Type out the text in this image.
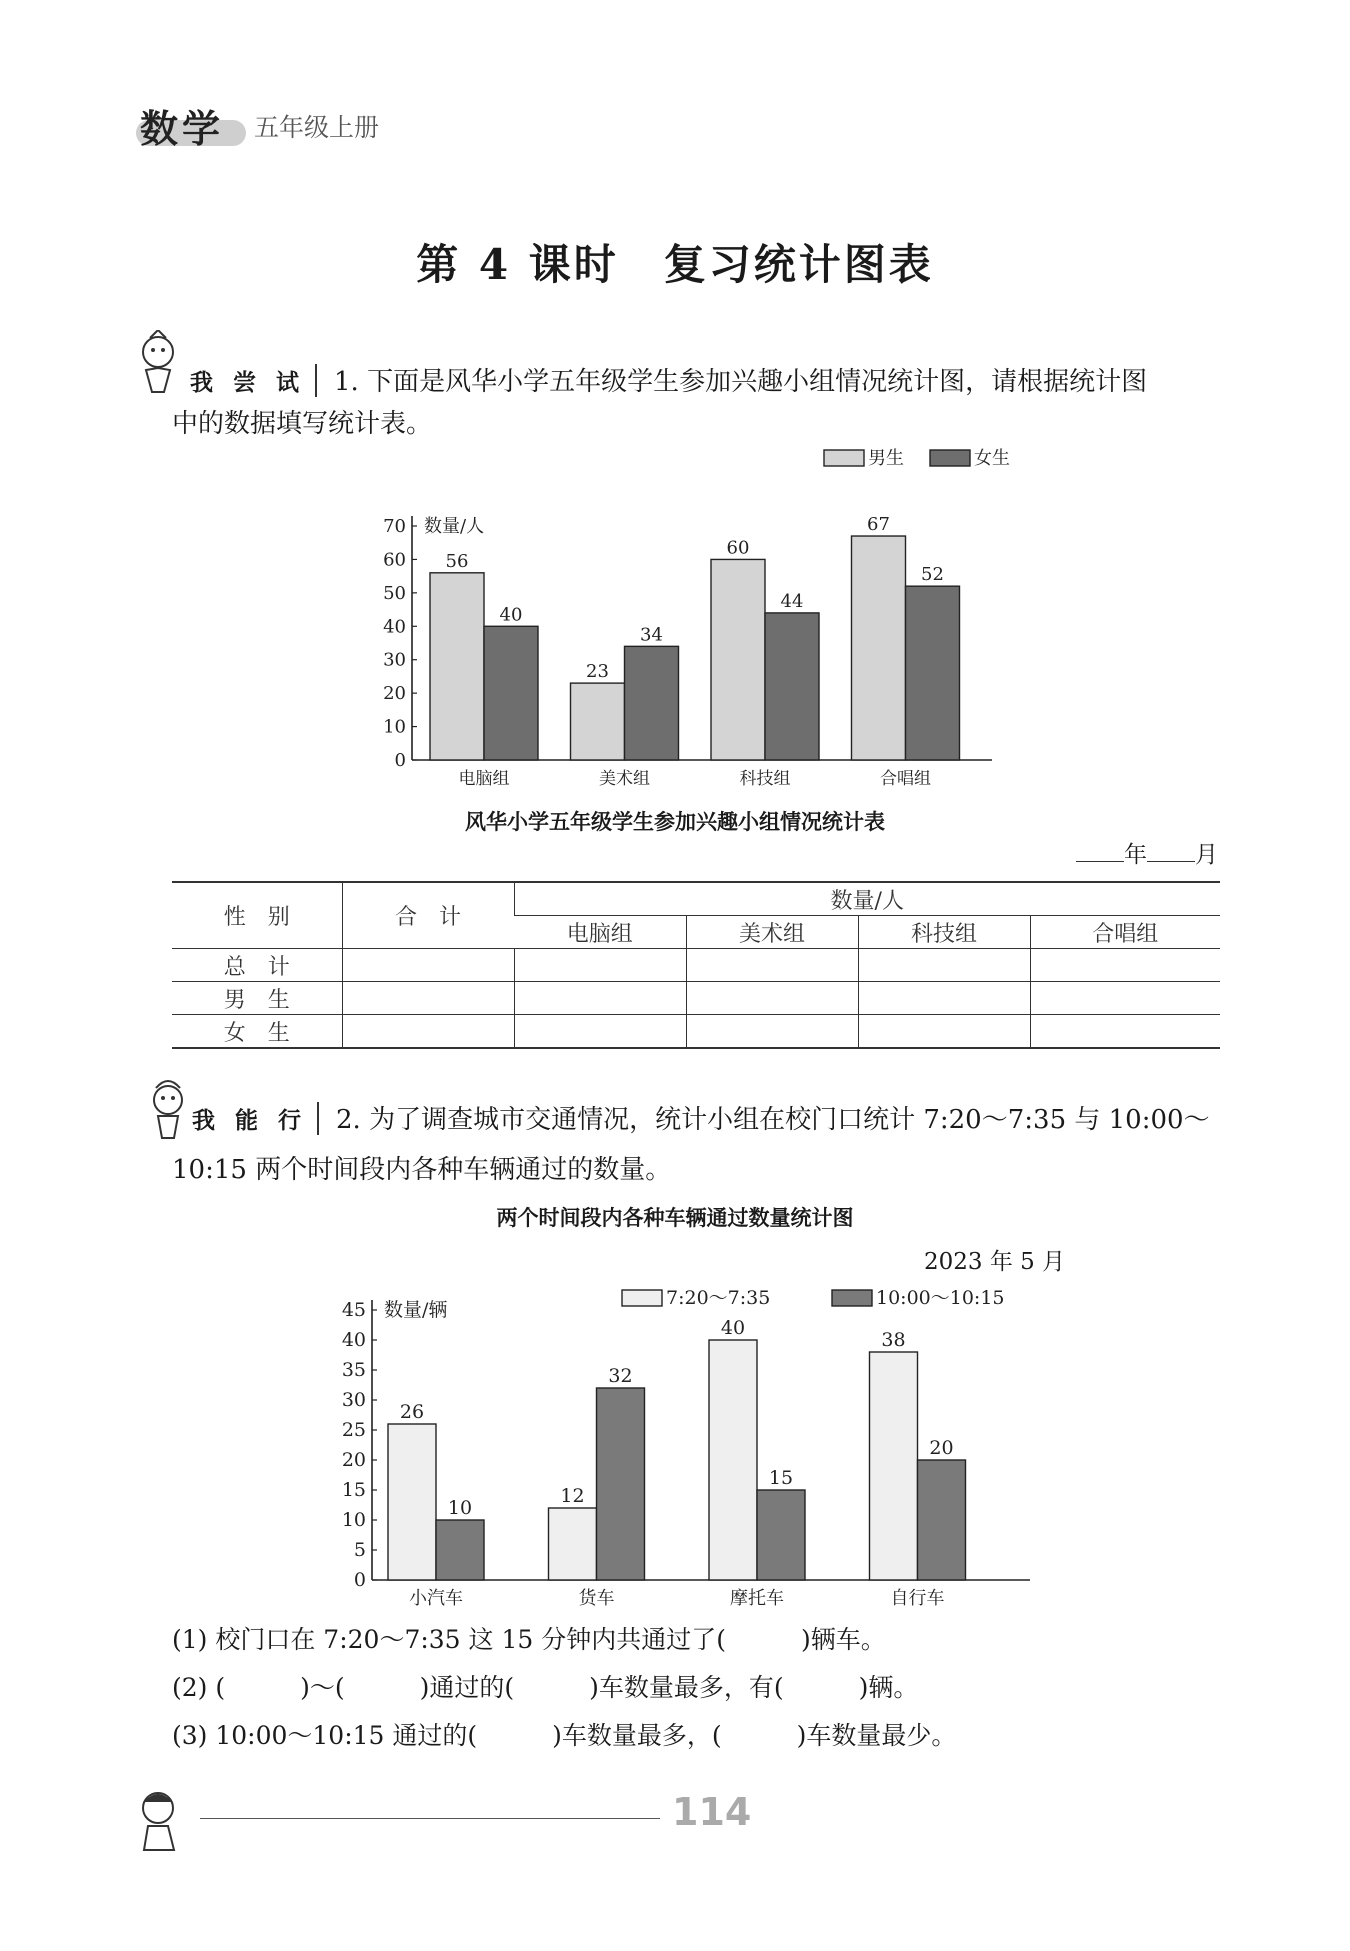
数学 五年级上册
第 4 课时　复习统计图表
我 尝 试	1. 下面是风华小学五年级学生参加兴趣小组情况统计图，请根据统计图
中的数据填写统计表。
0
10
20
30
40
50
60
70 数量/人
56
40
电脑组
23
34
美术组
60
44
科技组
67
52
合唱组
男生	女生
风华小学五年级学生参加兴趣小组情况统计表
年 月
性　别	合　计	数量/人			
		电脑组	美术组	科技组	合唱组
总　计					
男　生					
女　生					
我 能 行	2. 为了调查城市交通情况，统计小组在校门口统计 7:20～7:35 与 10:00～
10:15 两个时间段内各种车辆通过的数量。
两个时间段内各种车辆通过数量统计图
2023 年 5 月
0
5
10
15
20
25
30
35
40
45 数量/辆
26
10
小汽车
12
32
货车
40
15
摩托车
38
20
自行车
7:20～7:35	10:00～10:15
(1) 校门口在 7:20～7:35 这 15 分钟内共通过了(　　　)辆车。
(2) (　　　)～(　　　)通过的(　　　)车数量最多，有(　　　)辆。
(3) 10:00～10:15 通过的(　　　)车数量最多，(　　　)车数量最少。
114
